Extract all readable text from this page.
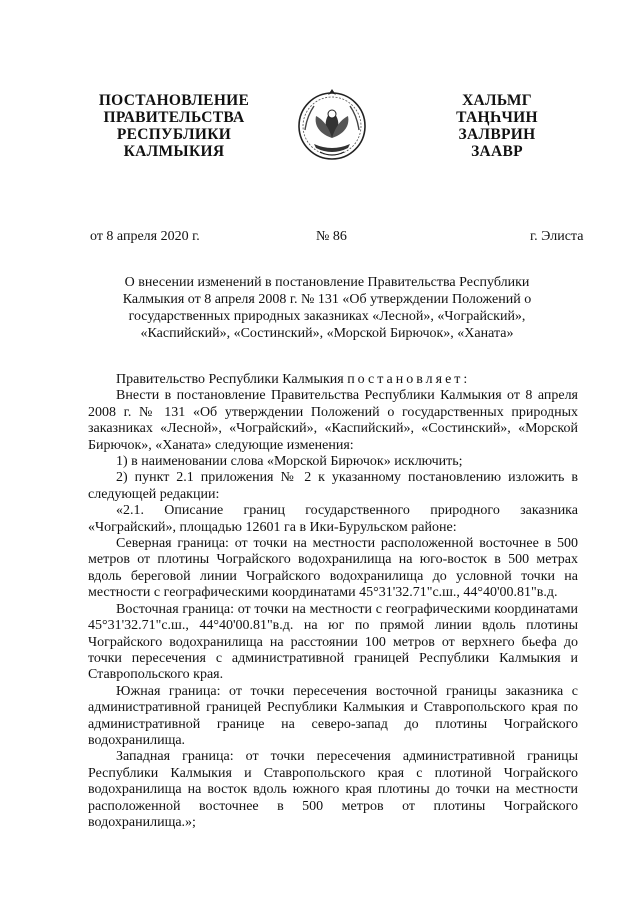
ПОСТАНОВЛЕНИЕ
ПРАВИТЕЛЬСТВА
РЕСПУБЛИКИ
КАЛМЫКИЯ
ХАЛЬМГ
ТАҢҺЧИН
ЗАЛВРИН
ЗААВР
от 8 апреля 2020 г.	№ 86	г. Элиста
О внесении изменений в постановление Правительства Республики
Калмыкия от 8 апреля 2008 г. № 131 «Об утверждении Положений о
государственных природных заказниках «Лесной», «Чограйский»,
«Каспийский», «Состинский», «Морской Бирючок», «Ханата»
Правительство Республики Калмыкия постановляет:
Внести в постановление Правительства Республики Калмыкия от 8 апреля 2008 г. № 131 «Об утверждении Положений о государственных природных заказниках «Лесной», «Чограйский», «Каспийский», «Состинский», «Морской Бирючок», «Ханата» следующие изменения:
1) в наименовании слова «Морской Бирючок» исключить;
2) пункт 2.1 приложения № 2 к указанному постановлению изложить в следующей редакции:
«2.1. Описание границ государственного природного заказника «Чограйский», площадью 12601 га в Ики-Бурульском районе:
Северная граница: от точки на местности расположенной восточнее в 500 метров от плотины Чограйского водохранилища на юго-восток в 500 метрах вдоль береговой линии Чограйского водохранилища до условной точки на местности с географическими координатами 45°31'32.71"с.ш., 44°40'00.81"в.д.
Восточная граница: от точки на местности с географическими координатами 45°31'32.71"с.ш., 44°40'00.81"в.д. на юг по прямой линии вдоль плотины Чограйского водохранилища на расстоянии 100 метров от верхнего бьефа до точки пересечения с административной границей Республики Калмыкия и Ставропольского края.
Южная граница: от точки пересечения восточной границы заказника с административной границей Республики Калмыкия и Ставропольского края по административной границе на северо-запад до плотины Чограйского водохранилища.
Западная граница: от точки пересечения административной границы Республики Калмыкия и Ставропольского края с плотиной Чограйского водохранилища на восток вдоль южного края плотины до точки на местности расположенной восточнее в 500 метров от плотины Чограйского водохранилища.»;
